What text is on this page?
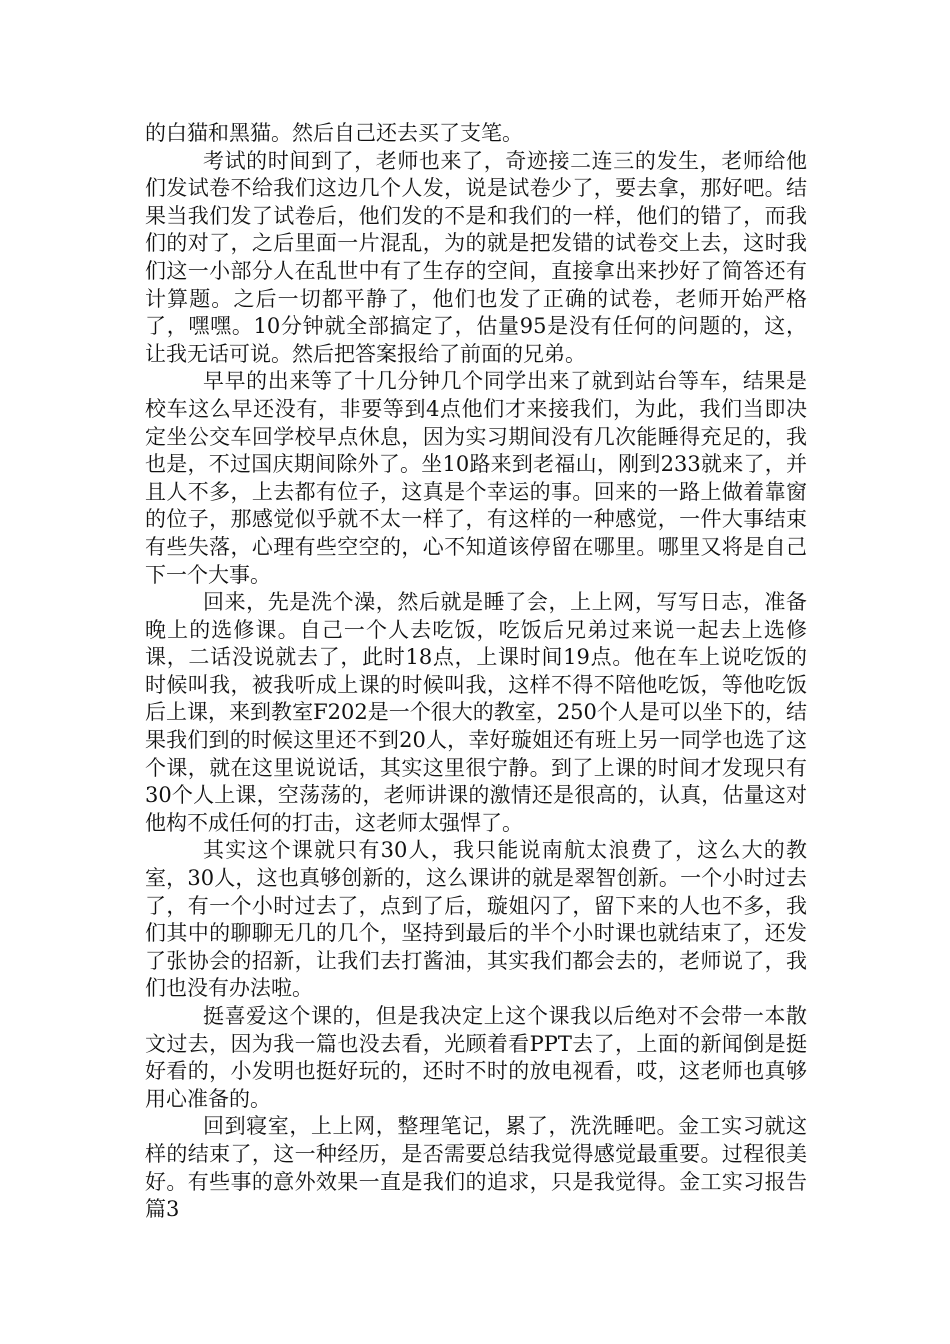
的白猫和黑猫。然后自己还去买了支笔。

考试的时间到了，老师也来了，奇迹接二连三的发生，老师给他们发试卷不给我们这边几个人发，说是试卷少了，要去拿，那好吧。结果当我们发了试卷后，他们发的不是和我们的一样，他们的错了，而我们的对了，之后里面一片混乱，为的就是把发错的试卷交上去，这时我们这一小部分人在乱世中有了生存的空间，直接拿出来抄好了简答还有计算题。之后一切都平静了，他们也发了正确的试卷，老师开始严格了，嘿嘿。10分钟就全部搞定了，估量95是没有任何的问题的，这，让我无话可说。然后把答案报给了前面的兄弟。

早早的出来等了十几分钟几个同学出来了就到站台等车，结果是校车这么早还没有，非要等到4点他们才来接我们，为此，我们当即决定坐公交车回学校早点休息，因为实习期间没有几次能睡得充足的，我也是，不过国庆期间除外了。坐10路来到老福山，刚到233就来了，并且人不多，上去都有位子，这真是个幸运的事。回来的一路上做着靠窗的位子，那感觉似乎就不太一样了，有这样的一种感觉，一件大事结束有些失落，心理有些空空的，心不知道该停留在哪里。哪里又将是自己下一个大事。

回来，先是洗个澡，然后就是睡了会，上上网，写写日志，准备晚上的选修课。自己一个人去吃饭，吃饭后兄弟过来说一起去上选修课，二话没说就去了，此时18点，上课时间19点。他在车上说吃饭的时候叫我，被我听成上课的时候叫我，这样不得不陪他吃饭，等他吃饭后上课，来到教室F202是一个很大的教室，250个人是可以坐下的，结果我们到的时候这里还不到20人，幸好璇姐还有班上另一同学也选了这个课，就在这里说说话，其实这里很宁静。到了上课的时间才发现只有30个人上课，空荡荡的，老师讲课的激情还是很高的，认真，估量这对他构不成任何的打击，这老师太强悍了。

其实这个课就只有30人，我只能说南航太浪费了，这么大的教室，30人，这也真够创新的，这么课讲的就是翠智创新。一个小时过去了，有一个小时过去了，点到了后，璇姐闪了，留下来的人也不多，我们其中的聊聊无几的几个，坚持到最后的半个小时课也就结束了，还发了张协会的招新，让我们去打酱油，其实我们都会去的，老师说了，我们也没有办法啦。

挺喜爱这个课的，但是我决定上这个课我以后绝对不会带一本散文过去，因为我一篇也没去看，光顾着看PPT去了，上面的新闻倒是挺好看的，小发明也挺好玩的，还时不时的放电视看，哎，这老师也真够用心准备的。

回到寝室，上上网，整理笔记，累了，洗洗睡吧。金工实习就这样的结束了，这一种经历，是否需要总结我觉得感觉最重要。过程很美好。有些事的意外效果一直是我们的追求，只是我觉得。金工实习报告 篇3
